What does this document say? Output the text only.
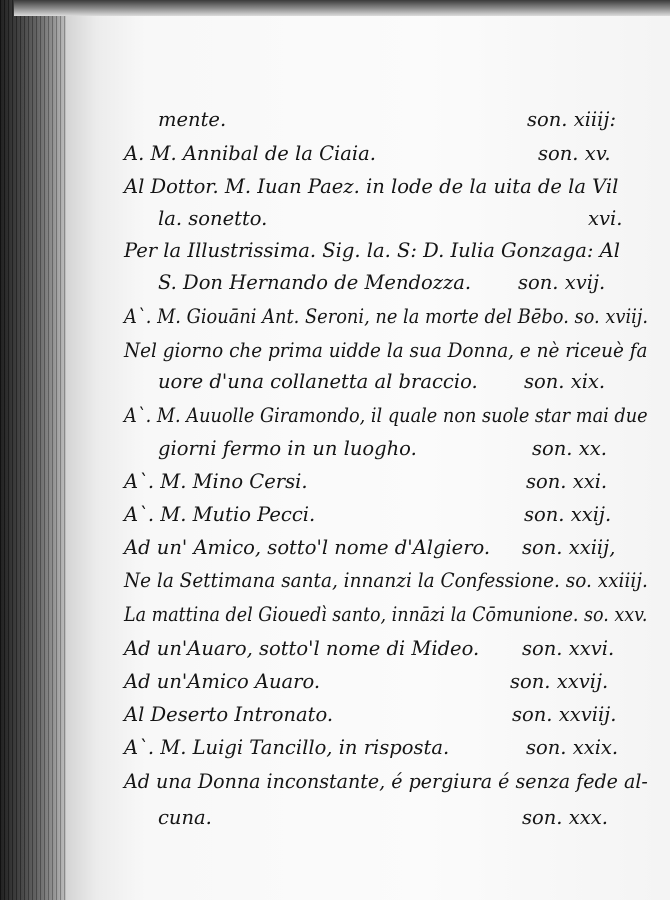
mente.	son. xiiij:
A. M. Annibal de la Ciaia.	son. xv.
Al Dottor. M. Iuan Paez. in lode de la uita de la Vil
la. sonetto.	xvi.
Per la Illustrissima. Sig. la. S: D. Iulia Gonzaga: Al
S. Don Hernando de Mendozza. son. xvij.
A`. M. Giouāni Ant. Seroni, ne la morte del Bēbo. so. xviij.
Nel giorno che prima uidde la sua Donna, e nè riceuè fa
uore d'una collanetta al braccio. son. xix.
A`. M. Auuolle Giramondo, il quale non suole star mai due
giorni fermo in un luogho.	son. xx.
A`. M. Mino Cersi.	son. xxi.
A`. M. Mutio Pecci.	son. xxij.
Ad un' Amico, sotto'l nome d'Algiero. son. xxiij,
Ne la Settimana santa, innanzi la Confessione. so. xxiiij.
La mattina del Giouedì santo, innāzi la Cōmunione. so. xxv.
Ad un'Auaro, sotto'l nome di Mideo. son. xxvi.
Ad un'Amico Auaro.	son. xxvij.
Al Deserto Intronato.	son. xxviij.
A`. M. Luigi Tancillo, in risposta.	son. xxix.
Ad una Donna inconstante, é pergiura é senza fede al-
cuna.	son. xxx.
